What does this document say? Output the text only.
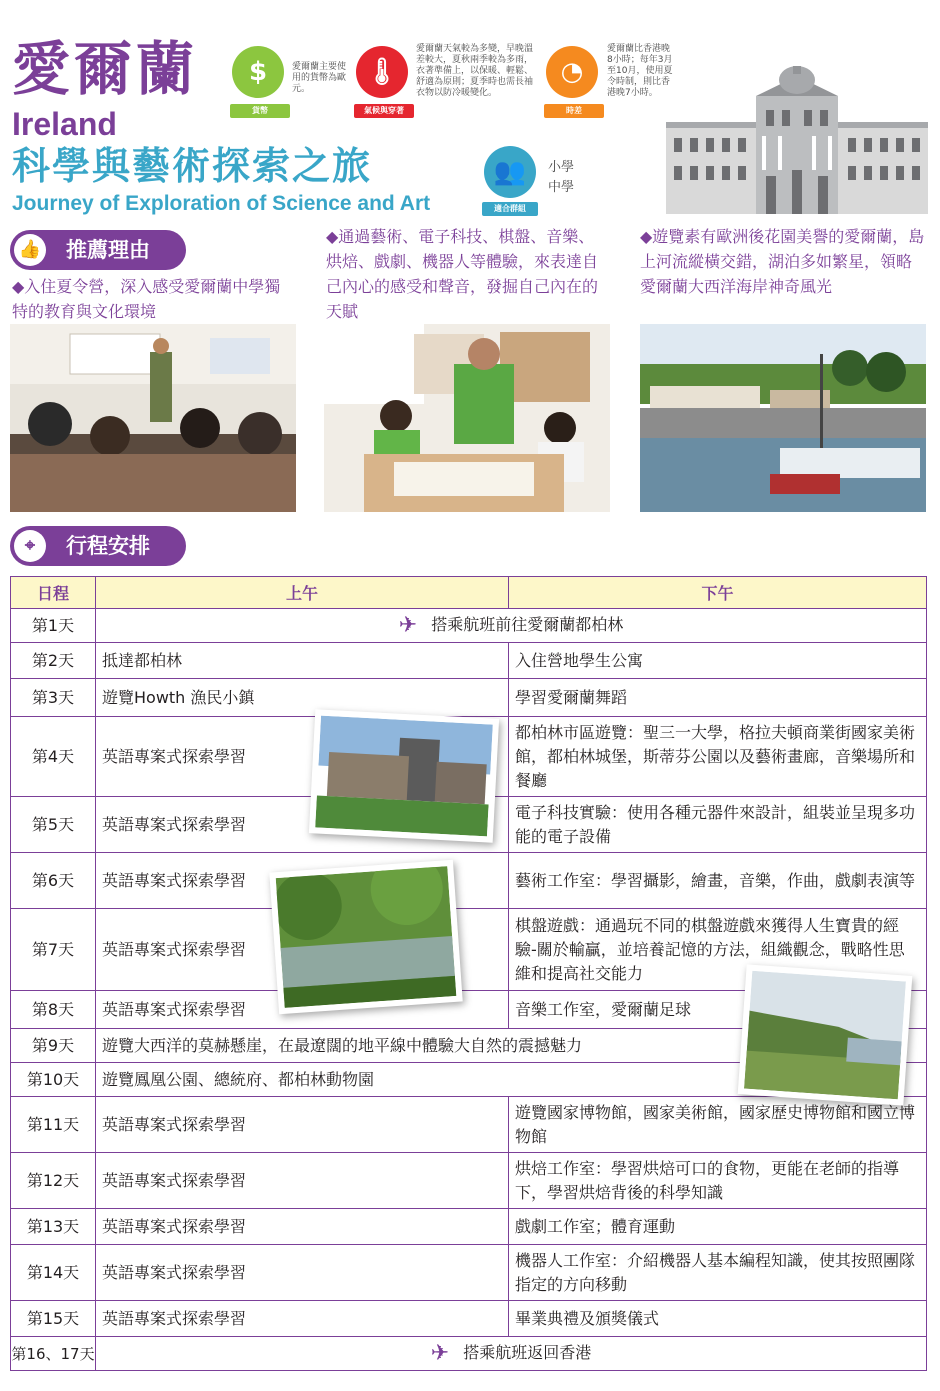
愛爾蘭
Ireland
科學與藝術探索之旅
Journey of Exploration of Science and Art
$
貨幣
愛爾蘭主要使用的貨幣為歐元。
🌡
氣候與穿著
愛爾蘭天氣較為多變，早晚溫差較大，夏秋兩季較為多雨，衣著準備上，以保暖、輕鬆、舒適為原則；夏季時也需長袖衣物以防冷暖變化。
◔
時差
愛爾蘭比香港晚8小時；每年3月至10月，使用夏令時制，則比香港晚7小時。
👥
適合群組
小學
中學
👍 推薦理由
◆入住夏令營，深入感受愛爾蘭中學獨特的教育與文化環境
◆通過藝術、電子科技、棋盤、音樂、烘焙、戲劇、機器人等體驗，來表達自己內心的感受和聲音，發掘自己內在的天賦
◆遊覽素有歐洲後花園美譽的愛爾蘭，島上河流縱橫交錯，湖泊多如繁星，領略愛爾蘭大西洋海岸神奇風光
⌖	行程安排
日程	上午	下午
第1天	✈ 搭乘航班前往愛爾蘭都柏林	
第2天	抵達都柏林	入住營地學生公寓
第3天	遊覽Howth 漁民小鎮	學習愛爾蘭舞蹈
第4天	英語專案式探索學習	都柏林市區遊覽：聖三一大學，格拉夫頓商業街國家美術館，都柏林城堡，斯蒂芬公園以及藝術畫廊，音樂場所和餐廳
第5天	英語專案式探索學習	電子科技實驗：使用各種元器件來設計，組裝並呈現多功能的電子設備
第6天	英語專案式探索學習	藝術工作室：學習攝影，繪畫，音樂，作曲，戲劇表演等
第7天	英語專案式探索學習	棋盤遊戲：通過玩不同的棋盤遊戲來獲得人生寶貴的經驗-關於輸贏，並培養記憶的方法，組織觀念，戰略性思維和提高社交能力
第8天	英語專案式探索學習	音樂工作室，愛爾蘭足球
第9天	遊覽大西洋的莫赫懸崖，在最遼闊的地平線中體驗大自然的震撼魅力	
第10天	遊覽鳳凰公園、總統府、都柏林動物園	
第11天	英語專案式探索學習	遊覽國家博物館，國家美術館，國家歷史博物館和國立博物館
第12天	英語專案式探索學習	烘焙工作室：學習烘焙可口的食物，更能在老師的指導下，學習烘焙背後的科學知識
第13天	英語專案式探索學習	戲劇工作室；體育運動
第14天	英語專案式探索學習	機器人工作室：介紹機器人基本編程知識，使其按照團隊指定的方向移動
第15天	英語專案式探索學習	畢業典禮及頒獎儀式
第16、17天	✈ 搭乘航班返回香港	
